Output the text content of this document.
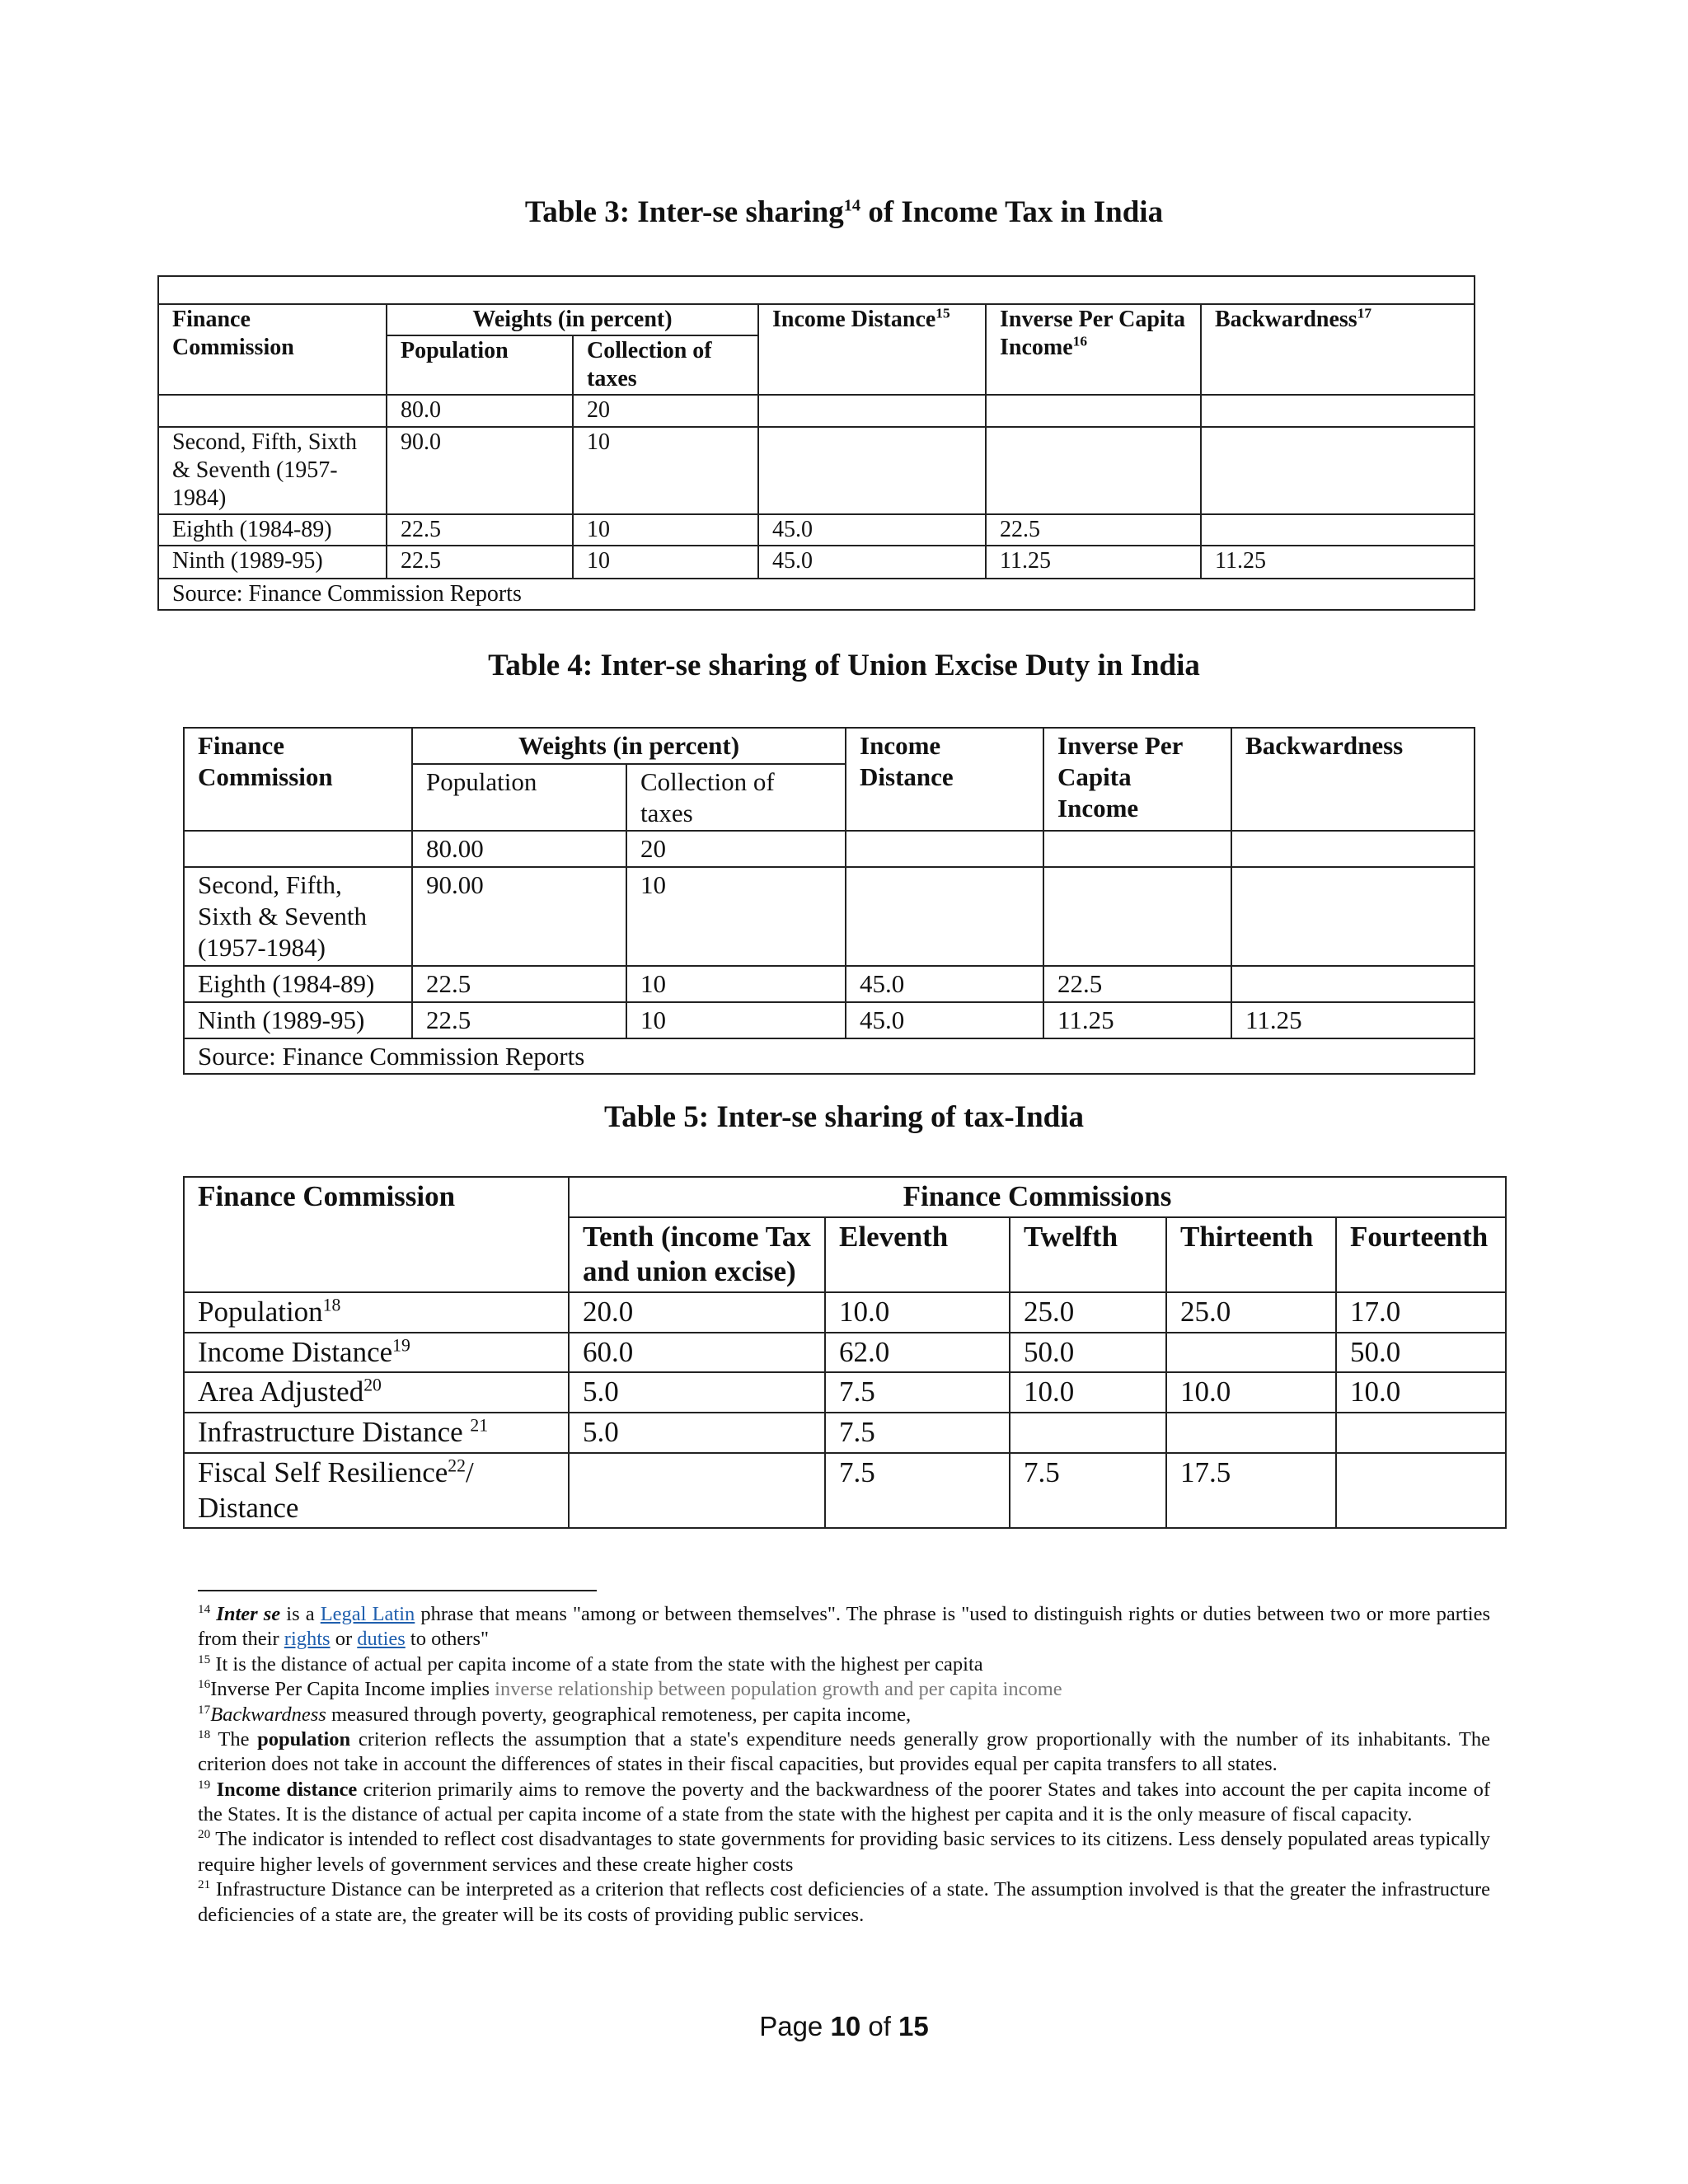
Table 3: Inter-se sharing$^{14}$ of Income Tax in India

Finance Commission	Weights (in percent)		Income Distance$^{15}$	Inverse Per Capita Income$^{16}$	Backwardness$^{17}$
	Population	Collection of taxes			
	80.0	20			
Second, Fifth, Sixth & Seventh (1957-1984)	90.0	10			
Eighth (1984-89)	22.5	10	45.0	22.5	
Ninth (1989-95)	22.5	10	45.0	11.25	11.25
Source: Finance Commission Reports					
Table 4: Inter-se sharing of Union Excise Duty in India
Finance Commission	Weights (in percent)		Income Distance	Inverse Per Capita Income	Backwardness
	Population	Collection of taxes			
	80.00	20			
Second, Fifth, Sixth & Seventh (1957-1984)	90.00	10			
Eighth (1984-89)	22.5	10	45.0	22.5	
Ninth (1989-95)	22.5	10	45.0	11.25	11.25
Source: Finance Commission Reports					
Table 5: Inter-se sharing of tax-India
Finance Commission	Finance Commissions				
	Tenth (income Tax and union excise)	Eleventh	Twelfth	Thirteenth	Fourteenth
Population$^{18}$	20.0	10.0	25.0	25.0	17.0
Income Distance$^{19}$	60.0	62.0	50.0		50.0
Area Adjusted$^{20}$	5.0	7.5	10.0	10.0	10.0
Infrastructure Distance $^{21}$	5.0	7.5			
Fiscal Self Resilience$^{22}$/ Distance		7.5	7.5	17.5	

$^{14}$ Inter se is a Legal Latin phrase that means "among or between themselves". The phrase is "used to distinguish rights or duties between two or more parties from their rights or duties to others"

$^{15}$ It is the distance of actual per capita income of a state from the state with the highest per capita

$^{16}$Inverse Per Capita Income implies inverse relationship between population growth and per capita income

$^{17}$Backwardness measured through poverty, geographical remoteness, per capita income,

$^{18}$ The population criterion reflects the assumption that a state's expenditure needs generally grow proportionally with the number of its inhabitants. The criterion does not take in account the differences of states in their fiscal capacities, but provides equal per capita transfers to all states.

$^{19}$ Income distance criterion primarily aims to remove the poverty and the backwardness of the poorer States and takes into account the per capita income of the States. It is the distance of actual per capita income of a state from the state with the highest per capita and it is the only measure of fiscal capacity.

$^{20}$ The indicator is intended to reflect cost disadvantages to state governments for providing basic services to its citizens. Less densely populated areas typically require higher levels of government services and these create higher costs

$^{21}$ Infrastructure Distance can be interpreted as a criterion that reflects cost deficiencies of a state. The assumption involved is that the greater the infrastructure deficiencies of a state are, the greater will be its costs of providing public services.

Page 10 of 15
